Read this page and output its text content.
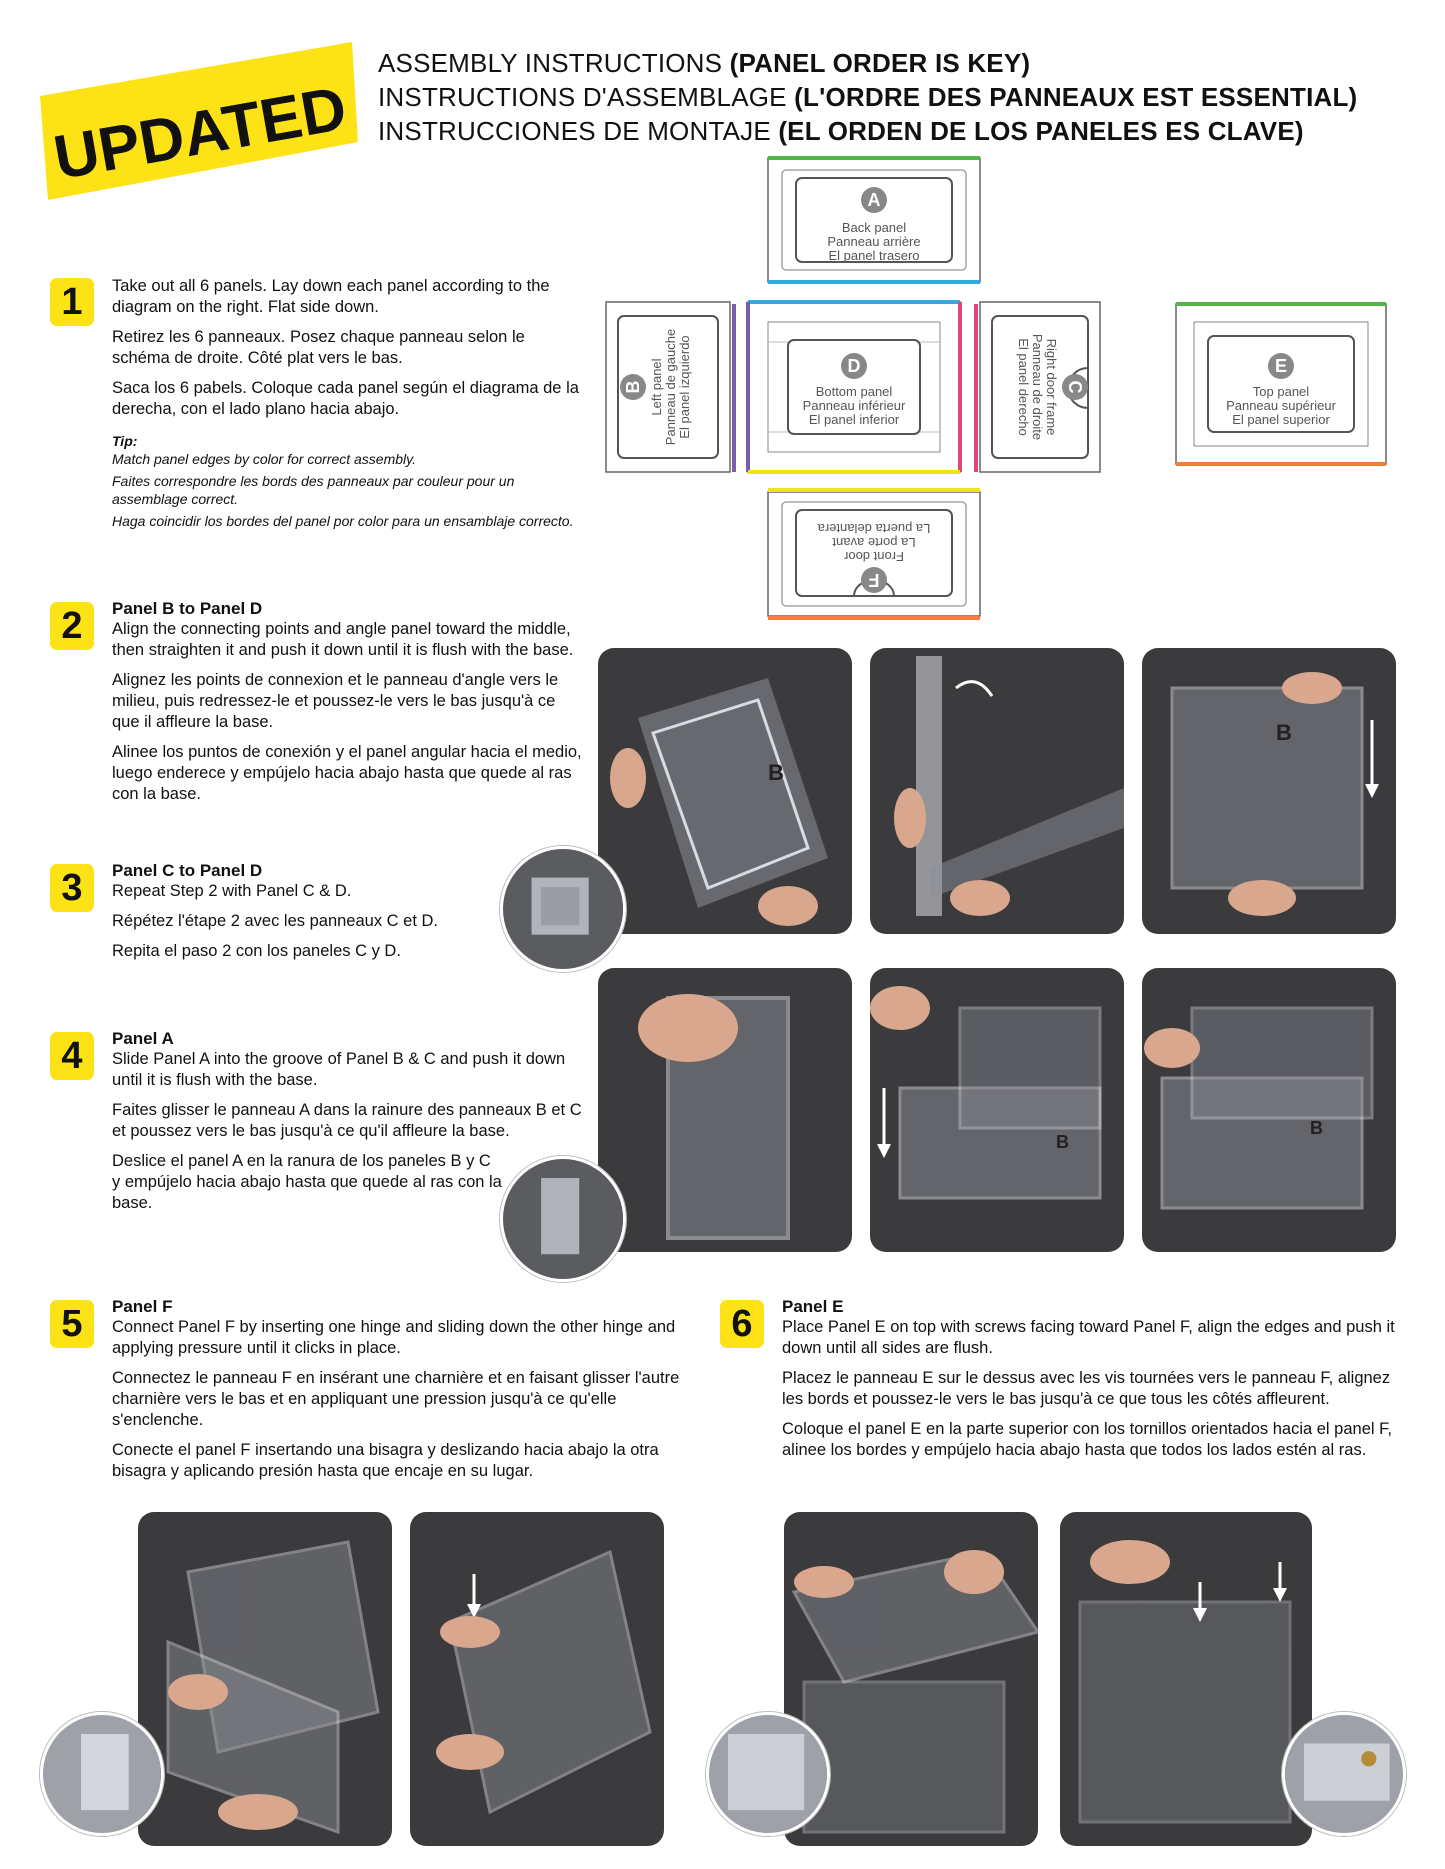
UPDATED
ASSEMBLY INSTRUCTIONS (PANEL ORDER IS KEY)
INSTRUCTIONS D'ASSEMBLAGE (L'ORDRE DES PANNEAUX EST ESSENTIAL)
INSTRUCCIONES DE MONTAJE (EL ORDEN DE LOS PANELES ES CLAVE)
A
Back panel
Panneau arrière
El panel trasero
B Left panel Panneau de gauche El panel izquierdo	D
Bottom panel
Panneau inférieur
El panel inferior
C
Right door frame
Panneau de droite
El panel derecho	E
Top panel
Panneau supérieur
El panel superior
F
Front door
La porte avant
La puerta delantera
1	Take out all 6 panels. Lay down each panel according to the diagram on the right. Flat side down.

Retirez les 6 panneaux. Posez chaque panneau selon le schéma de droite. Côté plat vers le bas.

Saca los 6 pabels. Coloque cada panel según el diagrama de la derecha, con el lado plano hacia abajo.

Tip:

Match panel edges by color for correct assembly.

Faites correspondre les bords des panneaux par couleur pour un assemblage correct.

Haga coincidir los bordes del panel por color para un ensamblaje correcto.

2	Panel B to Panel D

Align the connecting points and angle panel toward the middle, then straighten it and push it down until it is flush with the base.

Alignez les points de connexion et le panneau d'angle vers le milieu, puis redressez-le et poussez-le vers le bas jusqu'à ce que il affleure la base.

Alinee los puntos de conexión y el panel angular hacia el medio, luego enderece y empújelo hacia abajo hasta que quede al ras con la base.

3	Panel C to Panel D

Repeat Step 2 with Panel C & D.

Répétez l'étape 2 avec les panneaux C et D.

Repita el paso 2 con los paneles C y D.

4	Panel A

Slide Panel A into the groove of Panel B & C and push it down until it is flush with the base.

Faites glisser le panneau A dans la rainure des panneaux B et C et poussez vers le bas jusqu'à ce qu'il affleure la base.

Deslice el panel A en la ranura de los paneles B y C y empújelo hacia abajo hasta que quede al ras con la base.

5	Panel F

Connect Panel F by inserting one hinge and sliding down the other hinge and applying pressure until it clicks in place.

Connectez le panneau F en insérant une charnière et en faisant glisser l'autre charnière vers le bas et en appliquant une pression jusqu'à ce qu'elle s'enclenche.

Conecte el panel F insertando una bisagra y deslizando hacia abajo la otra bisagra y aplicando presión hasta que encaje en su lugar.

6	Panel E

Place Panel E on top with screws facing toward Panel F, align the edges and push it down until all sides are flush.

Placez le panneau E sur le dessus avec les vis tournées vers le panneau F, alignez les bords et poussez-le vers le bas jusqu'à ce que tous les côtés affleurent.

Coloque el panel E en la parte superior con los tornillos orientados hacia el panel F, alinee los bordes y empújelo hacia abajo hasta que todos los lados estén al ras.

B
B
B
B
